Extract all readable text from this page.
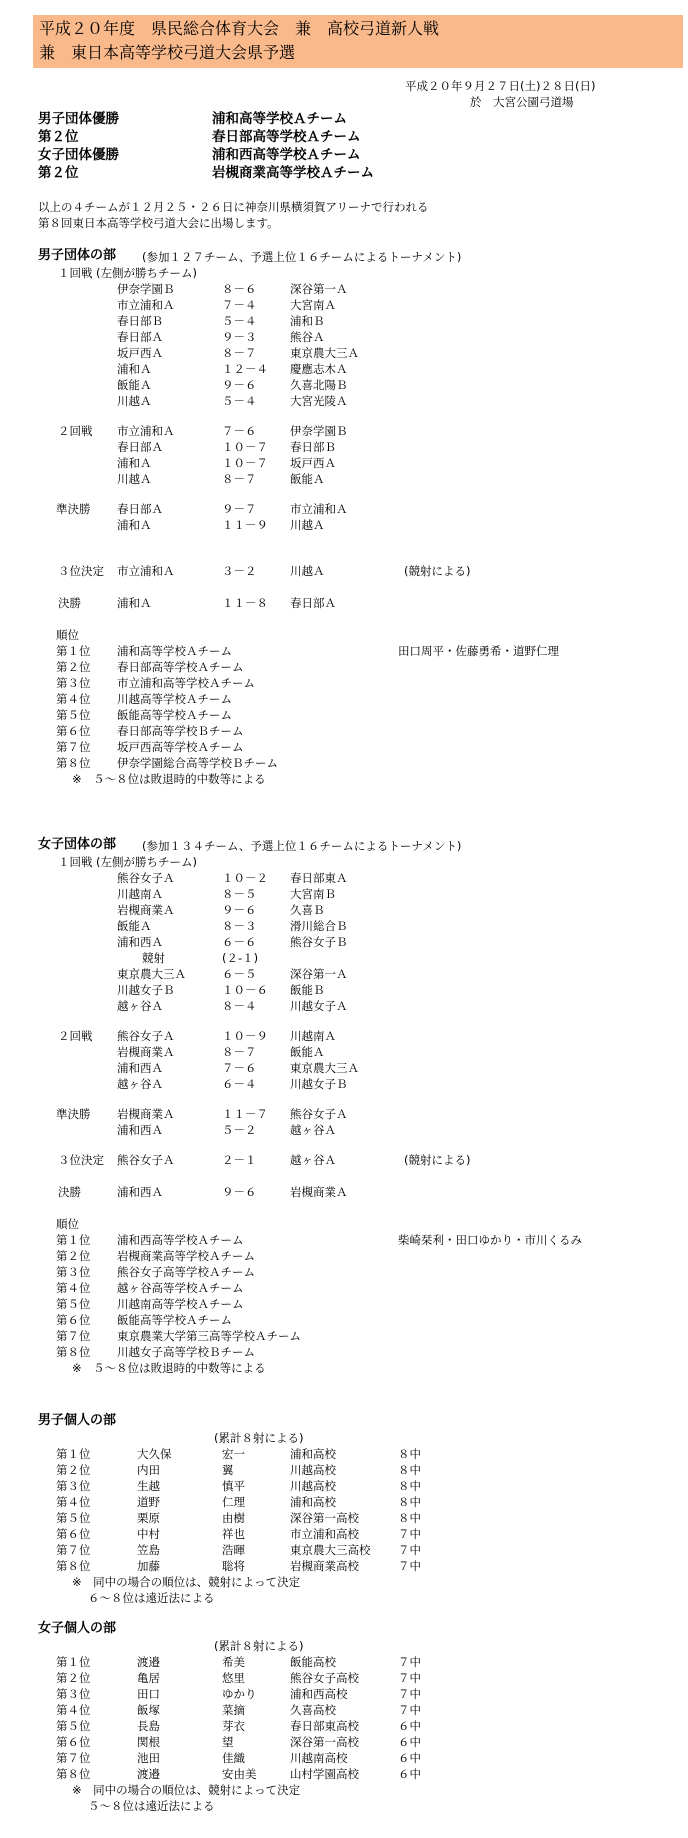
平成２０年度　県民総合体育大会　兼　高校弓道新人戦
兼　東日本高等学校弓道大会県予選
平成２０年９月２７日(土)２８日(日)
於　大宮公園弓道場
男子団体優勝	浦和高等学校Ａチーム
第２位	春日部高等学校Ａチーム
女子団体優勝	浦和西高等学校Ａチーム
第２位	岩槻商業高等学校Ａチーム
以上の４チームが１２月２５・２６日に神奈川県横須賀アリーナで行われる
第８回東日本高等学校弓道大会に出場します。
男子団体の部 (参加１２７チーム、予選上位１６チームによるトーナメント)
１回戦 (左側が勝ちチーム)
伊奈学園Ｂ	８－６	深谷第一Ａ
市立浦和Ａ	７－４	大宮南Ａ
春日部Ｂ	５－４	浦和Ｂ
春日部Ａ	９－３	熊谷Ａ
坂戸西Ａ	８－７	東京農大三Ａ
浦和Ａ	１２－４ 慶應志木Ａ
飯能Ａ	９－６	久喜北陽Ｂ
川越Ａ	５－４	大宮光陵Ａ
２回戦 市立浦和Ａ	７－６	伊奈学園Ｂ
春日部Ａ	１０－７ 春日部Ｂ
浦和Ａ	１０－７ 坂戸西Ａ
川越Ａ	８－７	飯能Ａ
準決勝 春日部Ａ	９－７	市立浦和Ａ
浦和Ａ	１１－９ 川越Ａ
３位決定 市立浦和Ａ	３－２	川越Ａ	(競射による)
決勝	浦和Ａ	１１－８ 春日部Ａ
順位
第１位 浦和高等学校Ａチーム	田口周平・佐藤勇希・道野仁理
第２位 春日部高等学校Ａチーム
第３位 市立浦和高等学校Ａチーム
第４位 川越高等学校Ａチーム
第５位 飯能高等学校Ａチーム
第６位 春日部高等学校Ｂチーム
第７位 坂戸西高等学校Ａチーム
第８位 伊奈学園総合高等学校Ｂチーム
※　５～８位は敗退時的中数等による
女子団体の部 (参加１３４チーム、予選上位１６チームによるトーナメント)
１回戦 (左側が勝ちチーム)
熊谷女子Ａ	１０－２ 春日部東Ａ
川越南Ａ	８－５	大宮南Ｂ
岩槻商業Ａ	９－６	久喜Ｂ
飯能Ａ	８－３	滑川総合Ｂ
浦和西Ａ	６－６	熊谷女子Ｂ
競射	(２-１)
東京農大三Ａ	６－５	深谷第一Ａ
川越女子Ｂ	１０－６ 飯能Ｂ
越ヶ谷Ａ	８－４	川越女子Ａ
２回戦 熊谷女子Ａ	１０－９ 川越南Ａ
岩槻商業Ａ	８－７	飯能Ａ
浦和西Ａ	７－６	東京農大三Ａ
越ヶ谷Ａ	６－４	川越女子Ｂ
準決勝 岩槻商業Ａ	１１－７ 熊谷女子Ａ
浦和西Ａ	５－２	越ヶ谷Ａ
３位決定 熊谷女子Ａ	２－１	越ヶ谷Ａ	(競射による)
決勝	浦和西Ａ	９－６	岩槻商業Ａ
順位
第１位 浦和西高等学校Ａチーム	柴崎栞利・田口ゆかり・市川くるみ
第２位 岩槻商業高等学校Ａチーム
第３位 熊谷女子高等学校Ａチーム
第４位 越ヶ谷高等学校Ａチーム
第５位 川越南高等学校Ａチーム
第６位 飯能高等学校Ａチーム
第７位 東京農業大学第三高等学校Ａチーム
第８位 川越女子高等学校Ｂチーム
※　５～８位は敗退時的中数等による
男子個人の部
(累計８射による)
第１位	大久保	宏一	浦和高校	８中
第２位	内田	翼	川越高校	８中
第３位	生越	慎平	川越高校	８中
第４位	道野	仁理	浦和高校	８中
第５位	栗原	由樹	深谷第一高校	８中
第６位	中村	祥也	市立浦和高校	７中
第７位	笠島	浩暉	東京農大三高校 ７中
第８位	加藤	聡将	岩槻商業高校	７中
※　同中の場合の順位は、競射によって決定
６～８位は遠近法による
女子個人の部
(累計８射による)
第１位	渡邉	希美	飯能高校	７中
第２位	亀居	悠里	熊谷女子高校	７中
第３位	田口	ゆかり	浦和西高校	７中
第４位	飯塚	菜摘	久喜高校	７中
第５位	長島	芽衣	春日部東高校	６中
第６位	関根	望	深谷第一高校	６中
第７位	池田	佳織	川越南高校	６中
第８位	渡邉	安由美	山村学園高校	６中
※　同中の場合の順位は、競射によって決定
５～８位は遠近法による
